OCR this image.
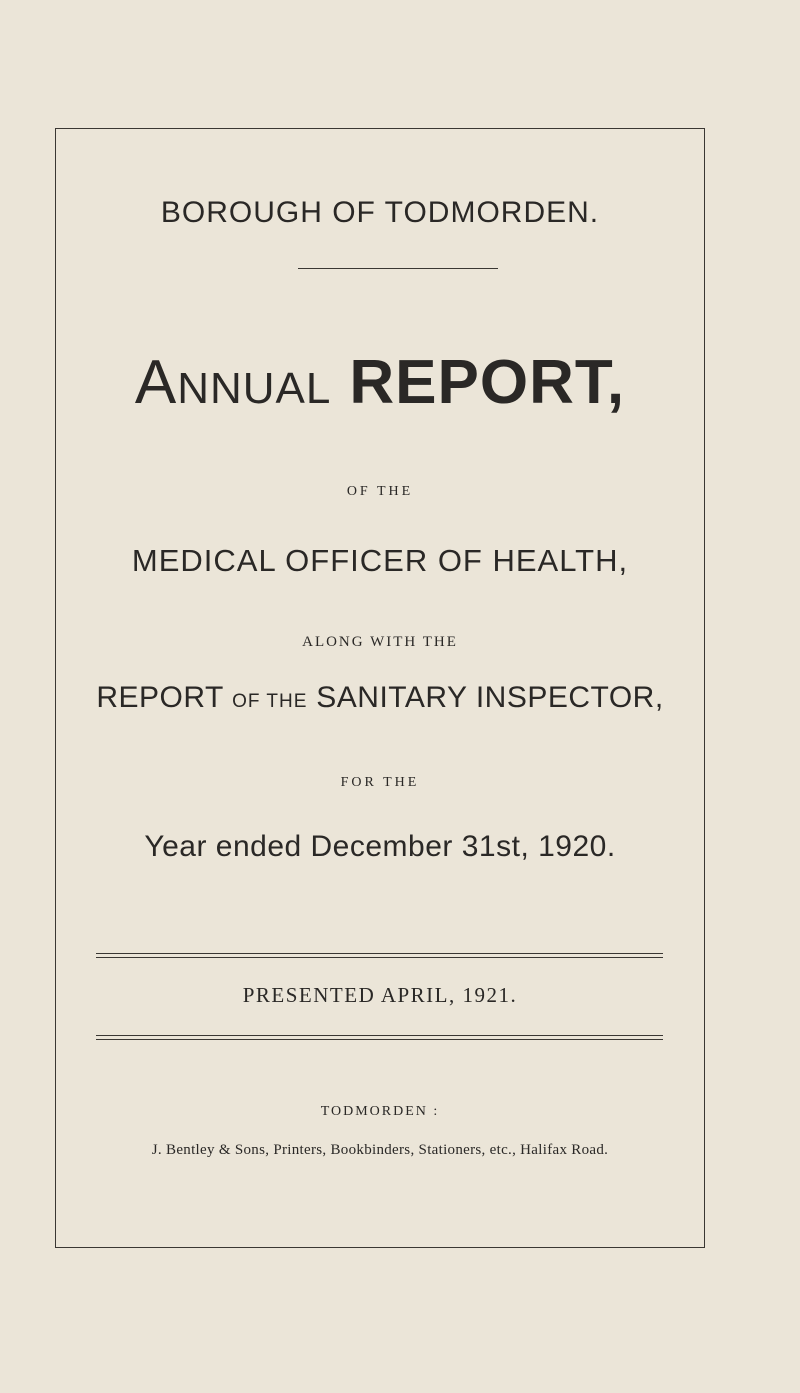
BOROUGH OF TODMORDEN.
ANNUAL REPORT,
OF THE
MEDICAL OFFICER OF HEALTH,
ALONG WITH THE
REPORT OF THE SANITARY INSPECTOR,
FOR THE
Year ended December 31st, 1920.
PRESENTED APRIL, 1921.
TODMORDEN :
J. Bentley & Sons, Printers, Bookbinders, Stationers, etc., Halifax Road.
